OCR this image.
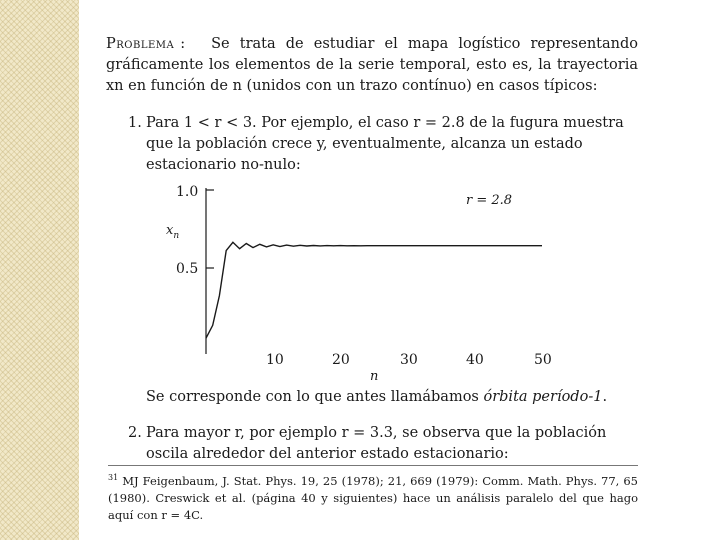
Problema : Se trata de estudiar el mapa logístico representando gráficamente los elementos de la serie temporal, esto es, la trayectoria xn en función de n (unidos con un trazo contínuo) en casos típicos:
1. Para 1 < r < 3. Por ejemplo, el caso r = 2.8 de la fugura muestra que la población crece y, eventualmente, alcanza un estado estacionario no-nulo:
1.0
0.5
10	20	30	40	50
$x_n$
n
r = 2.8
Se corresponde con lo que antes llamábamos órbita período-1.
2. Para mayor r, por ejemplo r = 3.3, se observa que la población oscila alrededor del anterior estado estacionario:
$^{31}$ MJ Feigenbaum, J. Stat. Phys. 19, 25 (1978); 21, 669 (1979): Comm. Math. Phys. 77, 65 (1980). Creswick et al. (página 40 y siguientes) hace un análisis paralelo del que hago aquí con r = 4C.
